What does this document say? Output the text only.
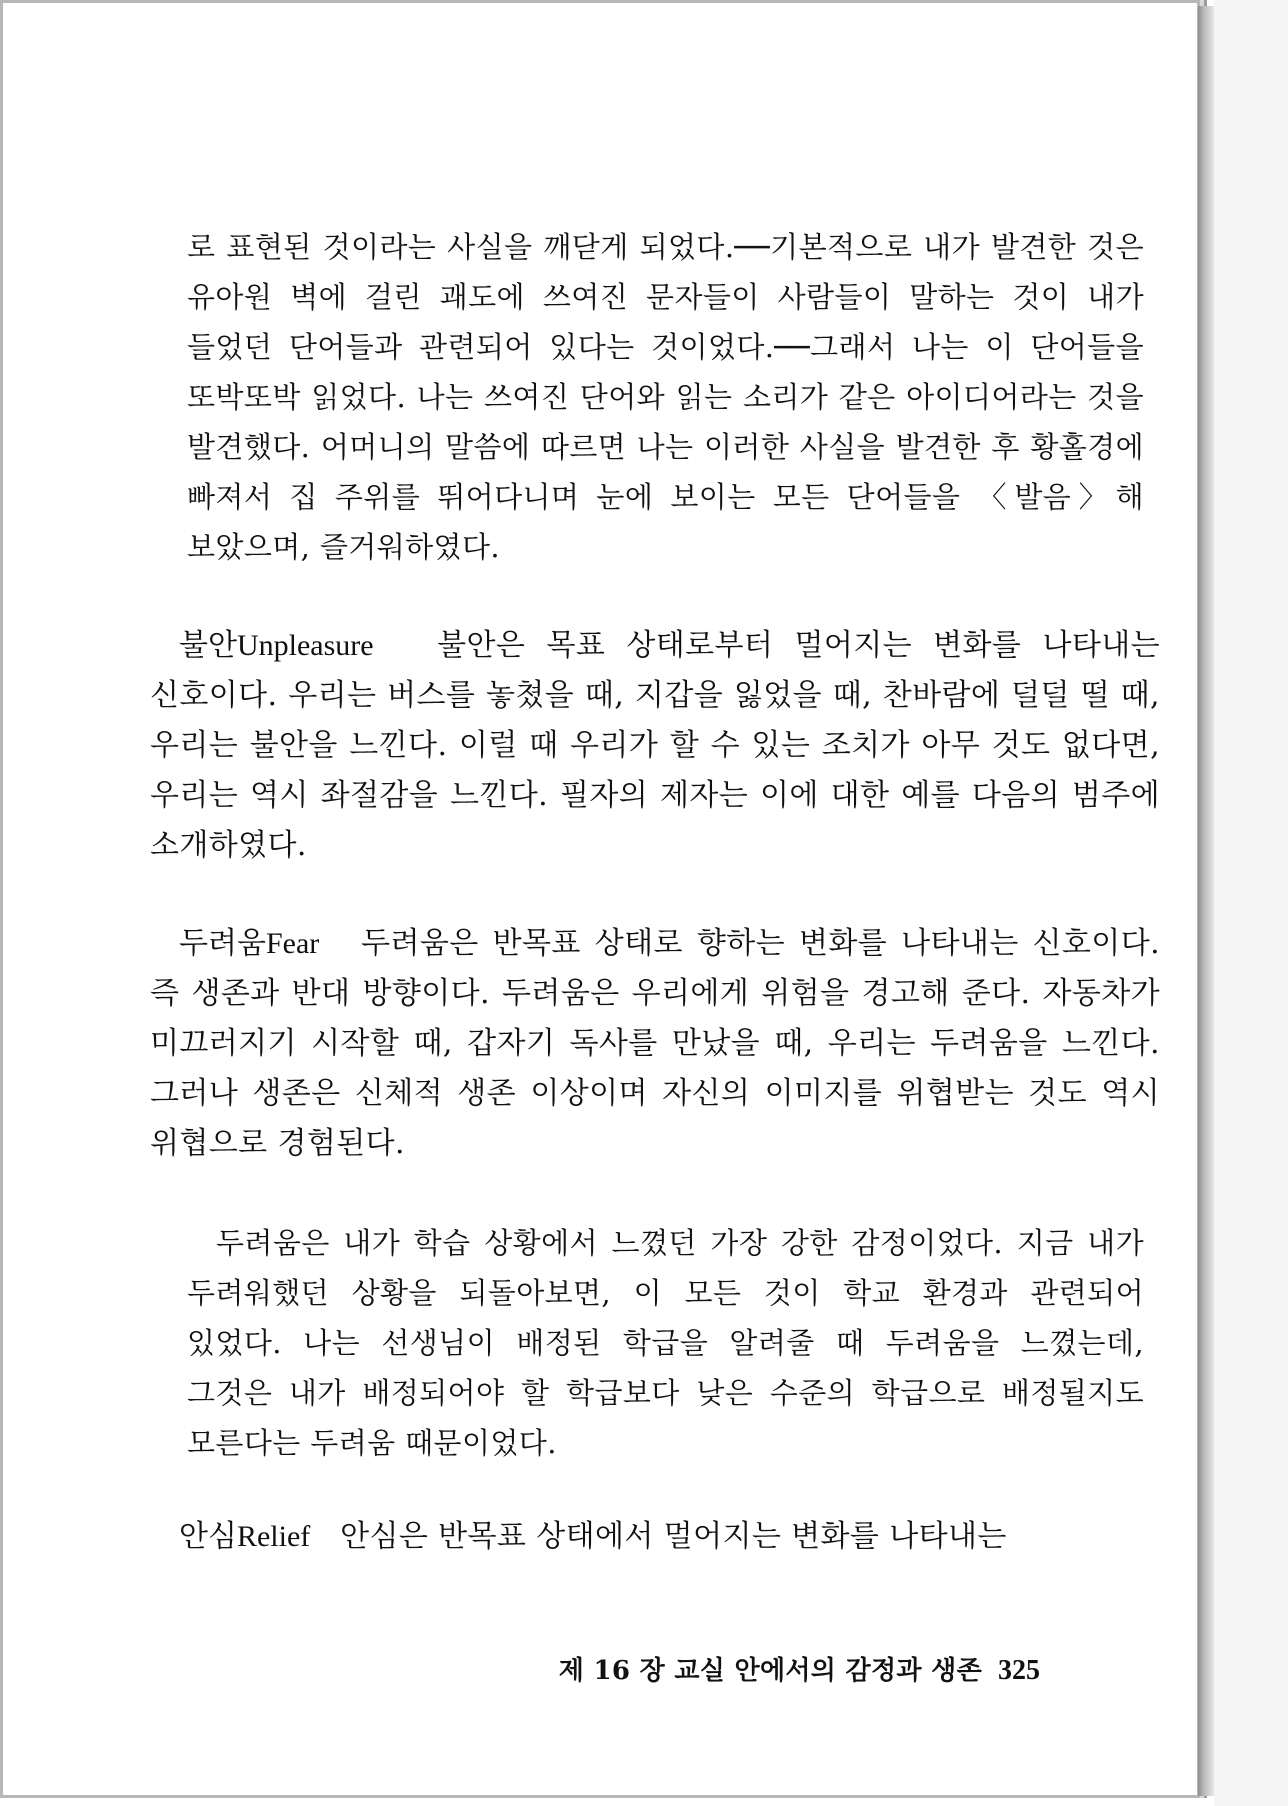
로 표현된 것이라는 사실을 깨닫게 되었다.──기본적으로 내가 발견한 것은 유아원 벽에 걸린 괘도에 쓰여진 문자들이 사람들이 말하는 것이 내가 들었던 단어들과 관련되어 있다는 것이었다.──그래서 나는 이 단어들을 또박또박 읽었다. 나는 쓰여진 단어와 읽는 소리가 같은 아이디어라는 것을 발견했다. 어머니의 말씀에 따르면 나는 이러한 사실을 발견한 후 황홀경에 빠져서 집 주위를 뛰어다니며 눈에 보이는 모든 단어들을 〈발음〉해 보았으며, 즐거워하였다.

불안Unpleasure 불안은 목표 상태로부터 멀어지는 변화를 나타내는 신호이다. 우리는 버스를 놓쳤을 때, 지갑을 잃었을 때, 찬바람에 덜덜 떨 때, 우리는 불안을 느낀다. 이럴 때 우리가 할 수 있는 조치가 아무 것도 없다면, 우리는 역시 좌절감을 느낀다. 필자의 제자는 이에 대한 예를 다음의 범주에 소개하였다.

두려움Fear 두려움은 반목표 상태로 향하는 변화를 나타내는 신호이다. 즉 생존과 반대 방향이다. 두려움은 우리에게 위험을 경고해 준다. 자동차가 미끄러지기 시작할 때, 갑자기 독사를 만났을 때, 우리는 두려움을 느낀다. 그러나 생존은 신체적 생존 이상이며 자신의 이미지를 위협받는 것도 역시 위협으로 경험된다.

두려움은 내가 학습 상황에서 느꼈던 가장 강한 감정이었다. 지금 내가 두려워했던 상황을 되돌아보면, 이 모든 것이 학교 환경과 관련되어 있었다. 나는 선생님이 배정된 학급을 알려줄 때 두려움을 느꼈는데, 그것은 내가 배정되어야 할 학급보다 낮은 수준의 학급으로 배정될지도 모른다는 두려움 때문이었다.

안심Relief 안심은 반목표 상태에서 멀어지는 변화를 나타내는

제 16 장 교실 안에서의 감정과 생존 325
